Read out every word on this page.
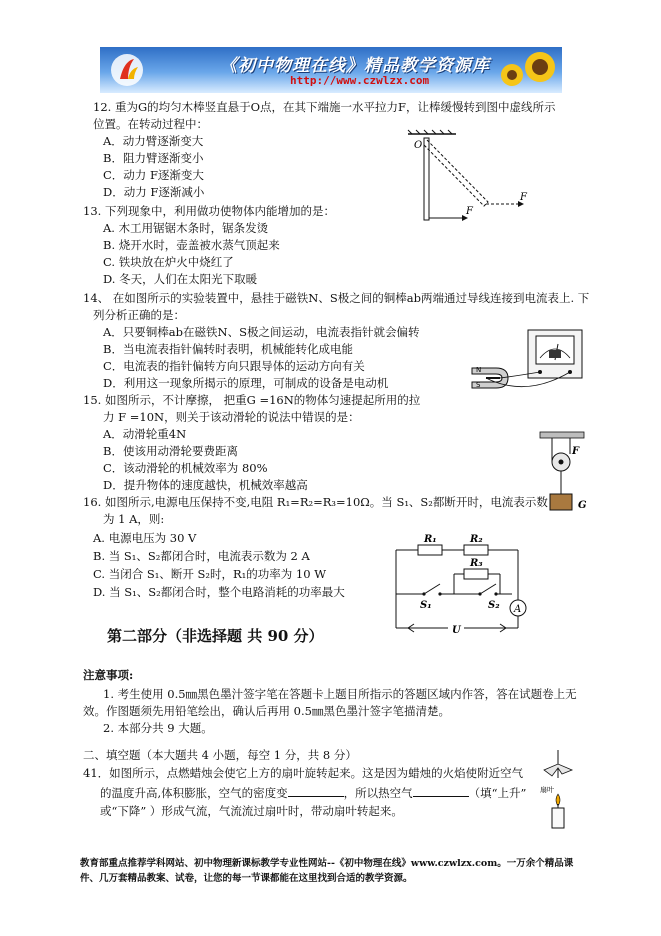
《初中物理在线》精品教学资源库
http://www.czwlzx.com
12. 重为G的均匀木棒竖直悬于O点，在其下端施一水平拉力F，让棒缓慢转到图中虚线所示
位置。在转动过程中：
A．动力臂逐渐变大
B．阻力臂逐渐变小
C．动力 F逐渐变大
D．动力 F逐渐减小
O
F
F
13. 下列现象中，利用做功使物体内能增加的是：
A. 木工用锯锯木条时，锯条发烫
B. 烧开水时，壶盖被水蒸气顶起来
C. 铁块放在炉火中烧红了
D. 冬天，人们在太阳光下取暖
14、 在如图所示的实验装置中，悬挂于磁铁N、S极之间的铜棒ab两端通过导线连接到电流表上. 下
列分析正确的是：
A．只要铜棒ab在磁铁N、S极之间运动，电流表指针就会偏转
B．当电流表指针偏转时表明，机械能转化成电能
C．电流表的指针偏转方向只跟导体的运动方向有关
D．利用这一现象所揭示的原理，可制成的设备是电动机
N
S
15. 如图所示，不计摩擦， 把重G =16N的物体匀速提起所用的拉
力 F =10N，则关于该动滑轮的说法中错误的是：
A．动滑轮重4N
B．使该用动滑轮要费距离
C．该动滑轮的机械效率为 80%
D．提升物体的速度越快，机械效率越高
F
G
16. 如图所示,电源电压保持不变,电阻 R₁=R₂=R₃=10Ω。当 S₁、S₂都断开时，电流表示数
为 1 A，则:
A. 电源电压为 30 V
B. 当 S₁、S₂都闭合时，电流表示数为 2 A
C. 当闭合 S₁、断开 S₂时，R₁的功率为 10 W
D. 当 S₁、S₂都闭合时，整个电路消耗的功率最大
R₁	R₂
R₃
S₁	S₂ A
U
第二部分（非选择题 共 90 分）
注意事项:
1. 考生使用 0.5㎜黑色墨汁签字笔在答题卡上题目所指示的答题区域内作答，答在试题卷上无
效。作图题须先用铅笔绘出，确认后再用 0.5㎜黑色墨汁签字笔描清楚。
2. 本部分共 9 大题。
二、填空题（本大题共 4 小题，每空 1 分，共 8 分）
41．如图所示，点燃蜡烛会使它上方的扇叶旋转起来。这是因为蜡烛的火焰使附近空气
的温度升高,体积膨胀，空气的密度变	，所以热空气	（填“上升”
或“下降” ）形成气流，气流流过扇叶时，带动扇叶转起来。
扇叶
教育部重点推荐学科网站、初中物理新课标教学专业性网站--《初中物理在线》www.czwlzx.com。一万余个精品课
件、几万套精品教案、试卷，让您的每一节课都能在这里找到合适的教学资源。
